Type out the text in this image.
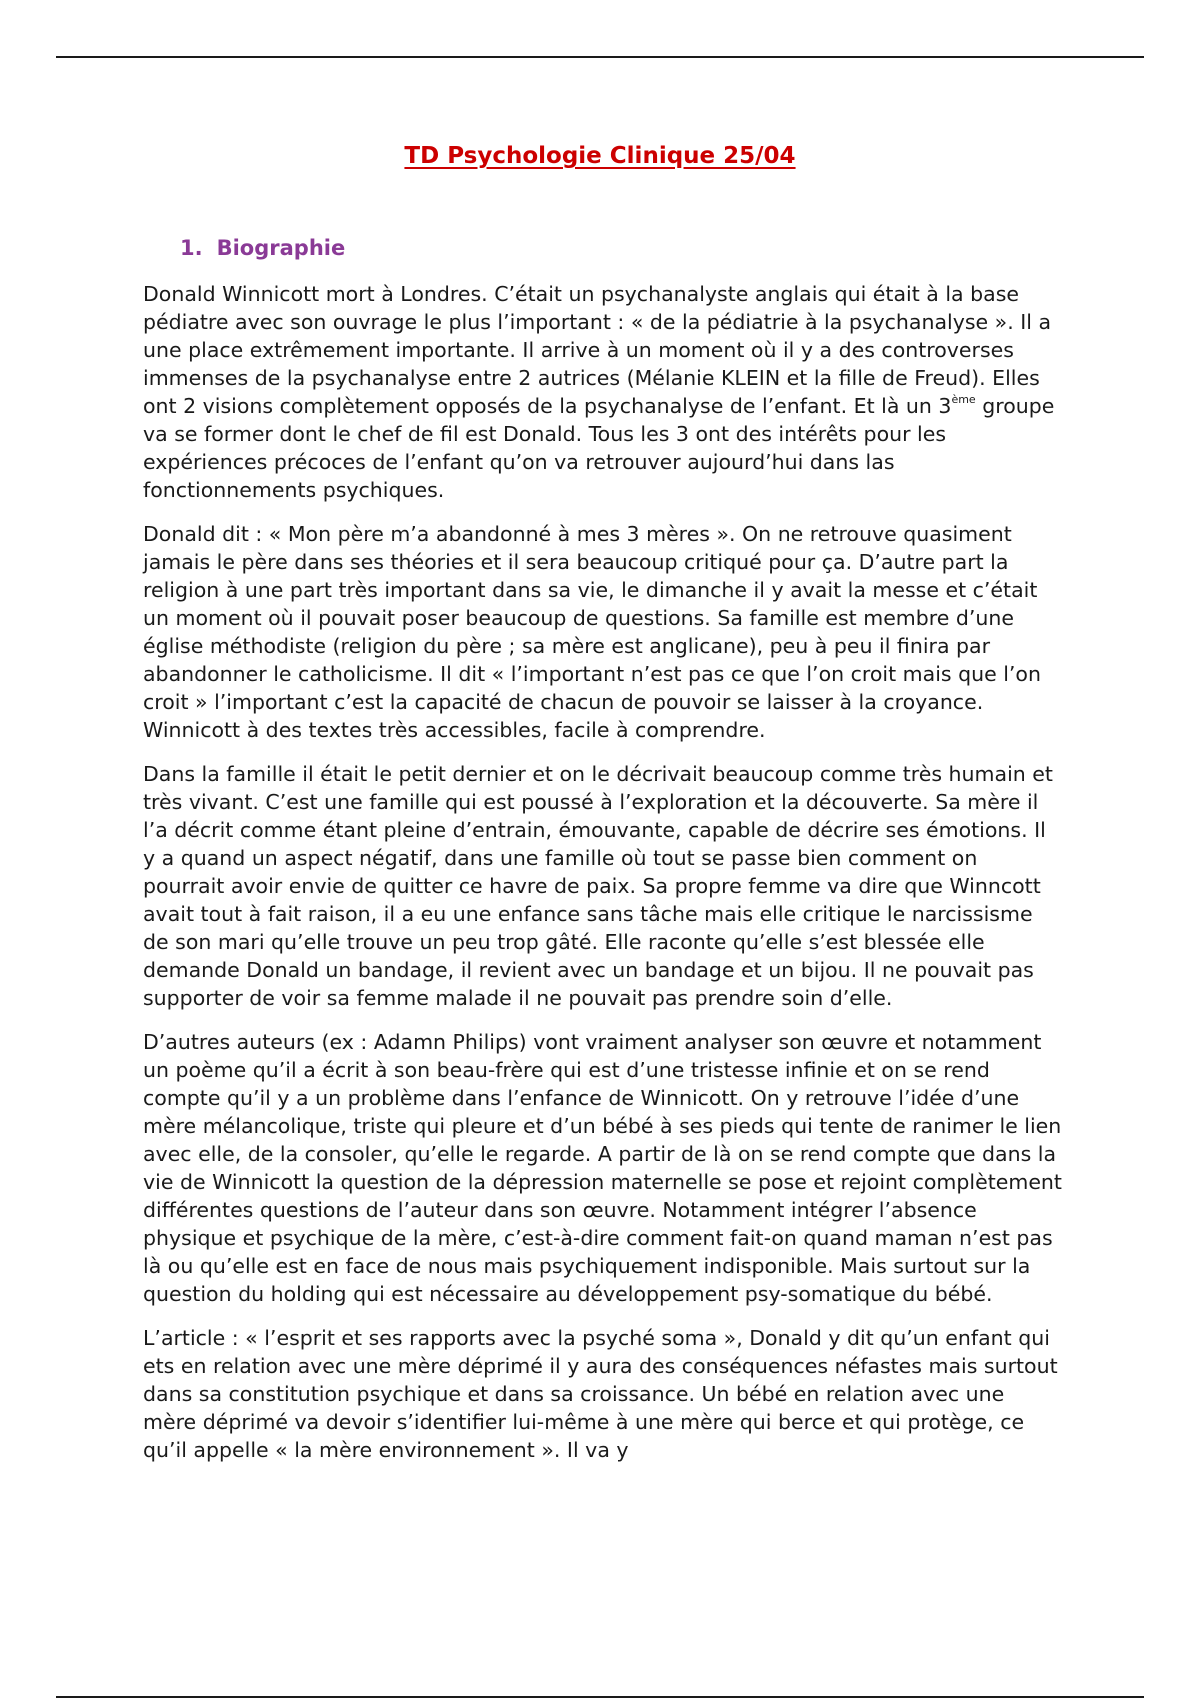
TD Psychologie Clinique 25/04
1. Biographie

Donald Winnicott mort à Londres. C’était un psychanalyste anglais qui était à la base pédiatre avec son ouvrage le plus l’important : « de la pédiatrie à la psychanalyse ». Il a une place extrêmement importante. Il arrive à un moment où il y a des controverses immenses de la psychanalyse entre 2 autrices (Mélanie KLEIN et la fille de Freud). Elles ont 2 visions complètement opposés de la psychanalyse de l’enfant. Et là un 3ème groupe va se former dont le chef de fil est Donald. Tous les 3 ont des intérêts pour les expériences précoces de l’enfant qu’on va retrouver aujourd’hui dans las fonctionnements psychiques.

Donald dit : « Mon père m’a abandonné à mes 3 mères ». On ne retrouve quasiment jamais le père dans ses théories et il sera beaucoup critiqué pour ça. D’autre part la religion à une part très important dans sa vie, le dimanche il y avait la messe et c’était un moment où il pouvait poser beaucoup de questions. Sa famille est membre d’une église méthodiste (religion du père ; sa mère est anglicane), peu à peu il finira par abandonner le catholicisme. Il dit « l’important n’est pas ce que l’on croit mais que l’on croit » l’important c’est la capacité de chacun de pouvoir se laisser à la croyance. Winnicott à des textes très accessibles, facile à comprendre.

Dans la famille il était le petit dernier et on le décrivait beaucoup comme très humain et très vivant. C’est une famille qui est poussé à l’exploration et la découverte. Sa mère il l’a décrit comme étant pleine d’entrain, émouvante, capable de décrire ses émotions. Il y a quand un aspect négatif, dans une famille où tout se passe bien comment on pourrait avoir envie de quitter ce havre de paix. Sa propre femme va dire que Winncott avait tout à fait raison, il a eu une enfance sans tâche mais elle critique le narcissisme de son mari qu’elle trouve un peu trop gâté. Elle raconte qu’elle s’est blessée elle demande Donald un bandage, il revient avec un bandage et un bijou. Il ne pouvait pas supporter de voir sa femme malade il ne pouvait pas prendre soin d’elle.

D’autres auteurs (ex : Adamn Philips) vont vraiment analyser son œuvre et notamment un poème qu’il a écrit à son beau-frère qui est d’une tristesse infinie et on se rend compte qu’il y a un problème dans l’enfance de Winnicott. On y retrouve l’idée d’une mère mélancolique, triste qui pleure et d’un bébé à ses pieds qui tente de ranimer le lien avec elle, de la consoler, qu’elle le regarde. A partir de là on se rend compte que dans la vie de Winnicott la question de la dépression maternelle se pose et rejoint complètement différentes questions de l’auteur dans son œuvre. Notamment intégrer l’absence physique et psychique de la mère, c’est-à-dire comment fait-on quand maman n’est pas là ou qu’elle est en face de nous mais psychiquement indisponible. Mais surtout sur la question du holding qui est nécessaire au développement psy-somatique du bébé.

L’article : « l’esprit et ses rapports avec la psyché soma », Donald y dit qu’un enfant qui ets en relation avec une mère déprimé il y aura des conséquences néfastes mais surtout dans sa constitution psychique et dans sa croissance. Un bébé en relation avec une mère déprimé va devoir s’identifier lui-même à une mère qui berce et qui protège, ce qu’il appelle « la mère environnement ». Il va y
